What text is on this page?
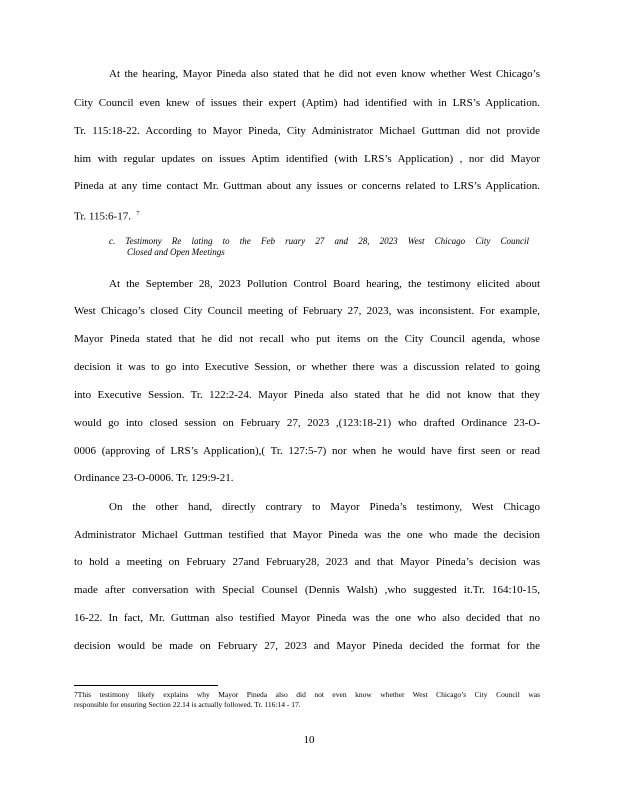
At the hearing, Mayor Pineda also stated that he did not even know whether West Chicago’s
City Council even knew of issues their expert (Aptim) had identified with in LRS’s Application.
Tr. 115:18-22. According to Mayor Pineda, City Administrator Michael Guttman did not provide
him with regular updates on issues Aptim identified (with LRS’s Application) , nor did Mayor
Pineda at any time contact Mr. Guttman about any issues or concerns related to LRS’s Application.
Tr. 115:6-17. $^7$
c. Testimony Re lating to the Feb ruary 27 and 28, 2023 West Chicago City Council
Closed and Open Meetings
At the September 28, 2023 Pollution Control Board hearing, the testimony elicited about
West Chicago’s closed City Council meeting of February 27, 2023, was inconsistent. For example,
Mayor Pineda stated that he did not recall who put items on the City Council agenda, whose
decision it was to go into Executive Session, or whether there was a discussion related to going
into Executive Session. Tr. 122:2-24. Mayor Pineda also stated that he did not know that they
would go into closed session on February 27, 2023 ,(123:18-21) who drafted Ordinance 23-O-
0006 (approving of LRS’s Application),( Tr. 127:5-7) nor when he would have first seen or read
Ordinance 23-O-0006. Tr. 129:9-21.
On the other hand, directly contrary to Mayor Pineda’s testimony, West Chicago
Administrator Michael Guttman testified that Mayor Pineda was the one who made the decision
to hold a meeting on February 27and February28, 2023 and that Mayor Pineda’s decision was
made after conversation with Special Counsel (Dennis Walsh) ,who suggested it.Tr. 164:10-15,
16-22. In fact, Mr. Guttman also testified Mayor Pineda was the one who also decided that no
decision would be made on February 27, 2023 and Mayor Pineda decided the format for the
7This testimony likely explains why Mayor Pineda also did not even know whether West Chicago’s City Council was
responsible for ensuring Section 22.14 is actually followed. Tr. 116:14 - 17.
10
